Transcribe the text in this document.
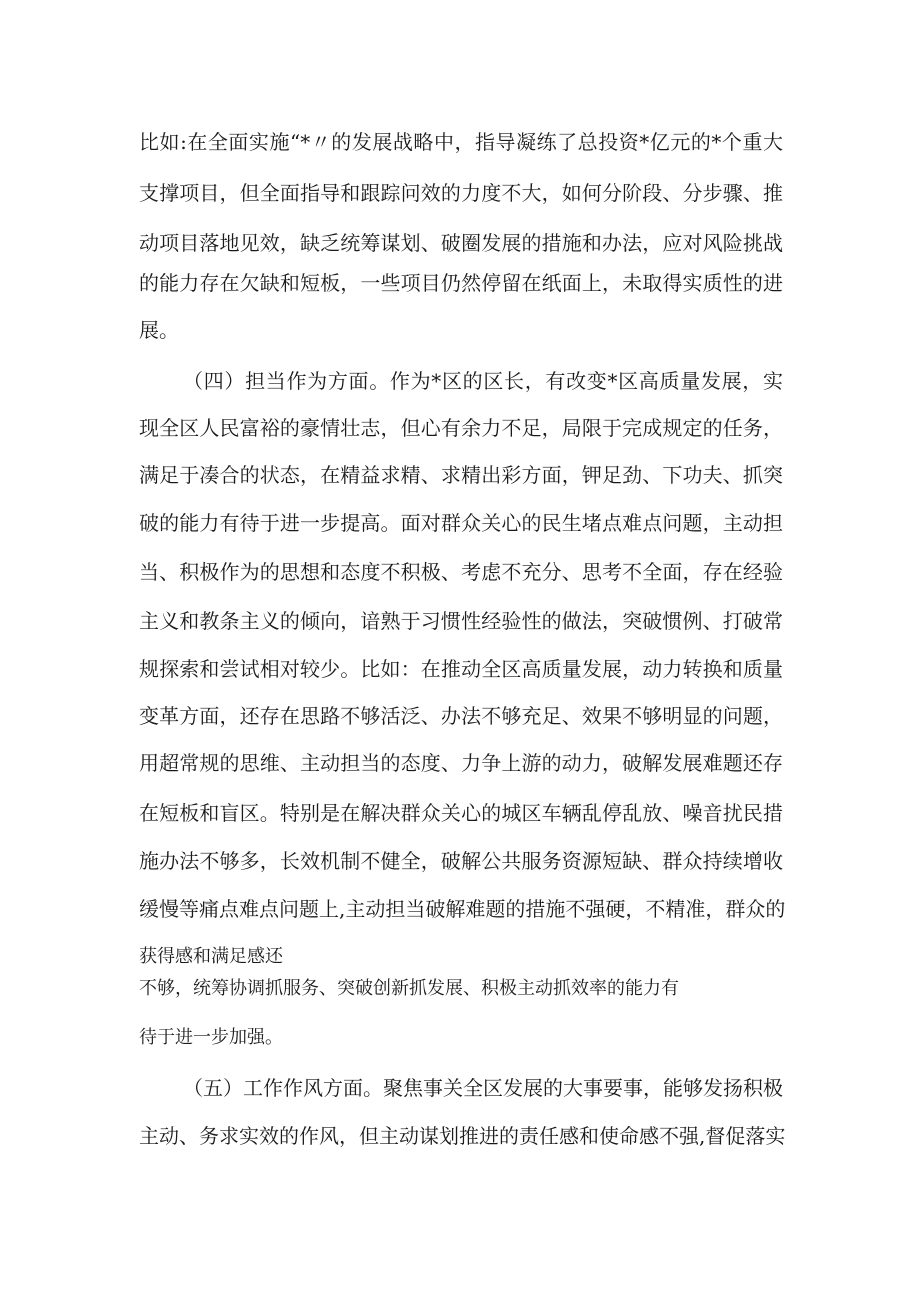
比如:在全面实施“*〃的发展战略中，指导凝练了总投资*亿元的*个重大

支撑项目，但全面指导和跟踪问效的力度不大，如何分阶段、分步骤、推

动项目落地见效，缺乏统筹谋划、破圈发展的措施和办法，应对风险挑战

的能力存在欠缺和短板，一些项目仍然停留在纸面上，未取得实质性的进

展。

（四）担当作为方面。作为*区的区长，有改变*区高质量发展，实

现全区人民富裕的豪情壮志，但心有余力不足，局限于完成规定的任务，

满足于凑合的状态，在精益求精、求精出彩方面，钾足劲、下功夫、抓突

破的能力有待于进一步提高。面对群众关心的民生堵点难点问题，主动担

当、积极作为的思想和态度不积极、考虑不充分、思考不全面，存在经验

主义和教条主义的倾向，谙熟于习惯性经验性的做法，突破惯例、打破常

规探索和尝试相对较少。比如：在推动全区高质量发展，动力转换和质量

变革方面，还存在思路不够活泛、办法不够充足、效果不够明显的问题，

用超常规的思维、主动担当的态度、力争上游的动力，破解发展难题还存

在短板和盲区。特别是在解决群众关心的城区车辆乱停乱放、噪音扰民措

施办法不够多，长效机制不健全，破解公共服务资源短缺、群众持续增收

缓慢等痛点难点问题上,主动担当破解难题的措施不强硬，不精准，群众的

获得感和满足感还

不够，统筹协调抓服务、突破创新抓发展、积极主动抓效率的能力有

待于进一步加强。

（五）工作作风方面。聚焦事关全区发展的大事要事，能够发扬积极

主动、务求实效的作风，但主动谋划推进的责任感和使命感不强,督促落实
